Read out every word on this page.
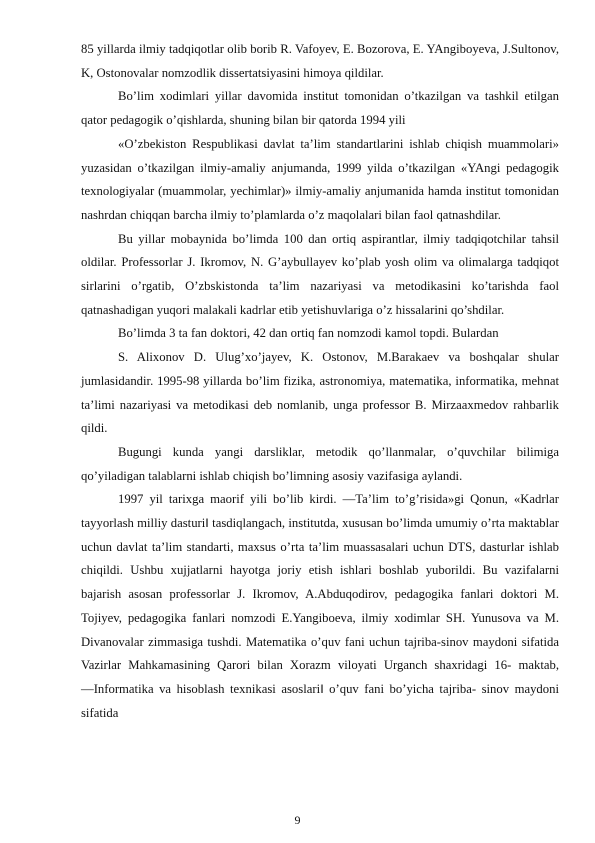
85 yillarda ilmiy tadqiqotlar olib borib R. Vafoyev, E. Bozorova, E. YAngiboyeva, J.Sultonov, K, Ostonovalar nomzodlik dissertatsiyasini himoya qildilar.

Bo’lim xodimlari yillar davomida institut tomonidan o’tkazilgan va tashkil etilgan qator pedagogik o’qishlarda, shuning bilan bir qatorda 1994 yili

«O’zbekiston Respublikasi davlat ta’lim standartlarini ishlab chiqish muammolari» yuzasidan o’tkazilgan ilmiy-amaliy anjumanda, 1999 yilda o’tkazilgan «YAngi pedagogik texnologiyalar (muammolar, yechimlar)» ilmiy-amaliy anjumanida hamda institut tomonidan nashrdan chiqqan barcha ilmiy to’plamlarda o’z maqolalari bilan faol qatnashdilar.

Bu yillar mobaynida bo’limda 100 dan ortiq aspirantlar, ilmiy tadqiqotchilar tahsil oldilar. Professorlar J. Ikromov, N. G’aybullayev ko’plab yosh olim va olimalarga tadqiqot sirlarini o’rgatib, O’zbskistonda ta’lim nazariyasi va metodikasini ko’tarishda faol qatnashadigan yuqori malakali kadrlar etib yetishuvlariga o’z hissalarini qo’shdilar.

Bo’limda 3 ta fan doktori, 42 dan ortiq fan nomzodi kamol topdi. Bulardan

S. Alixonov D. Ulug’xo’jayev, K. Ostonov, M.Barakaev va boshqalar shular jumlasidandir. 1995-98 yillarda bo’lim fizika, astronomiya, matematika, informatika, mehnat ta’limi nazariyasi va metodikasi deb nomlanib, unga professor B. Mirzaaxmedov rahbarlik qildi.

Bugungi kunda yangi darsliklar, metodik qo’llanmalar, o’quvchilar bilimiga qo’yiladigan talablarni ishlab chiqish bo’limning asosiy vazifasiga aylandi.

1997 yil tarixga maorif yili bo’lib kirdi. ―Ta’lim to’g’risida»gi Qonun, «Kadrlar tayyorlash milliy dasturi‖ tasdiqlangach, institutda, xususan bo’limda umumiy o’rta maktablar uchun davlat ta’lim standarti, maxsus o’rta ta’lim muassasalari uchun DTS, dasturlar ishlab chiqildi. Ushbu xujjatlarni hayotga joriy etish ishlari boshlab yuborildi. Bu vazifalarni bajarish asosan professorlar J. Ikromov, A.Abduqodirov, pedagogika fanlari doktori M. Tojiyev, pedagogika fanlari nomzodi E.Yangiboeva, ilmiy xodimlar SH. Yunusova va M. Divanovalar zimmasiga tushdi. Matematika o’quv fani uchun tajriba-sinov maydoni sifatida Vazirlar Mahkamasining Qarori bilan Xorazm viloyati Urganch shaxridagi 16- maktab, ―Informatika va hisoblash texnikasi asoslari‖ o’quv fani bo’yicha tajriba- sinov maydoni sifatida

9
